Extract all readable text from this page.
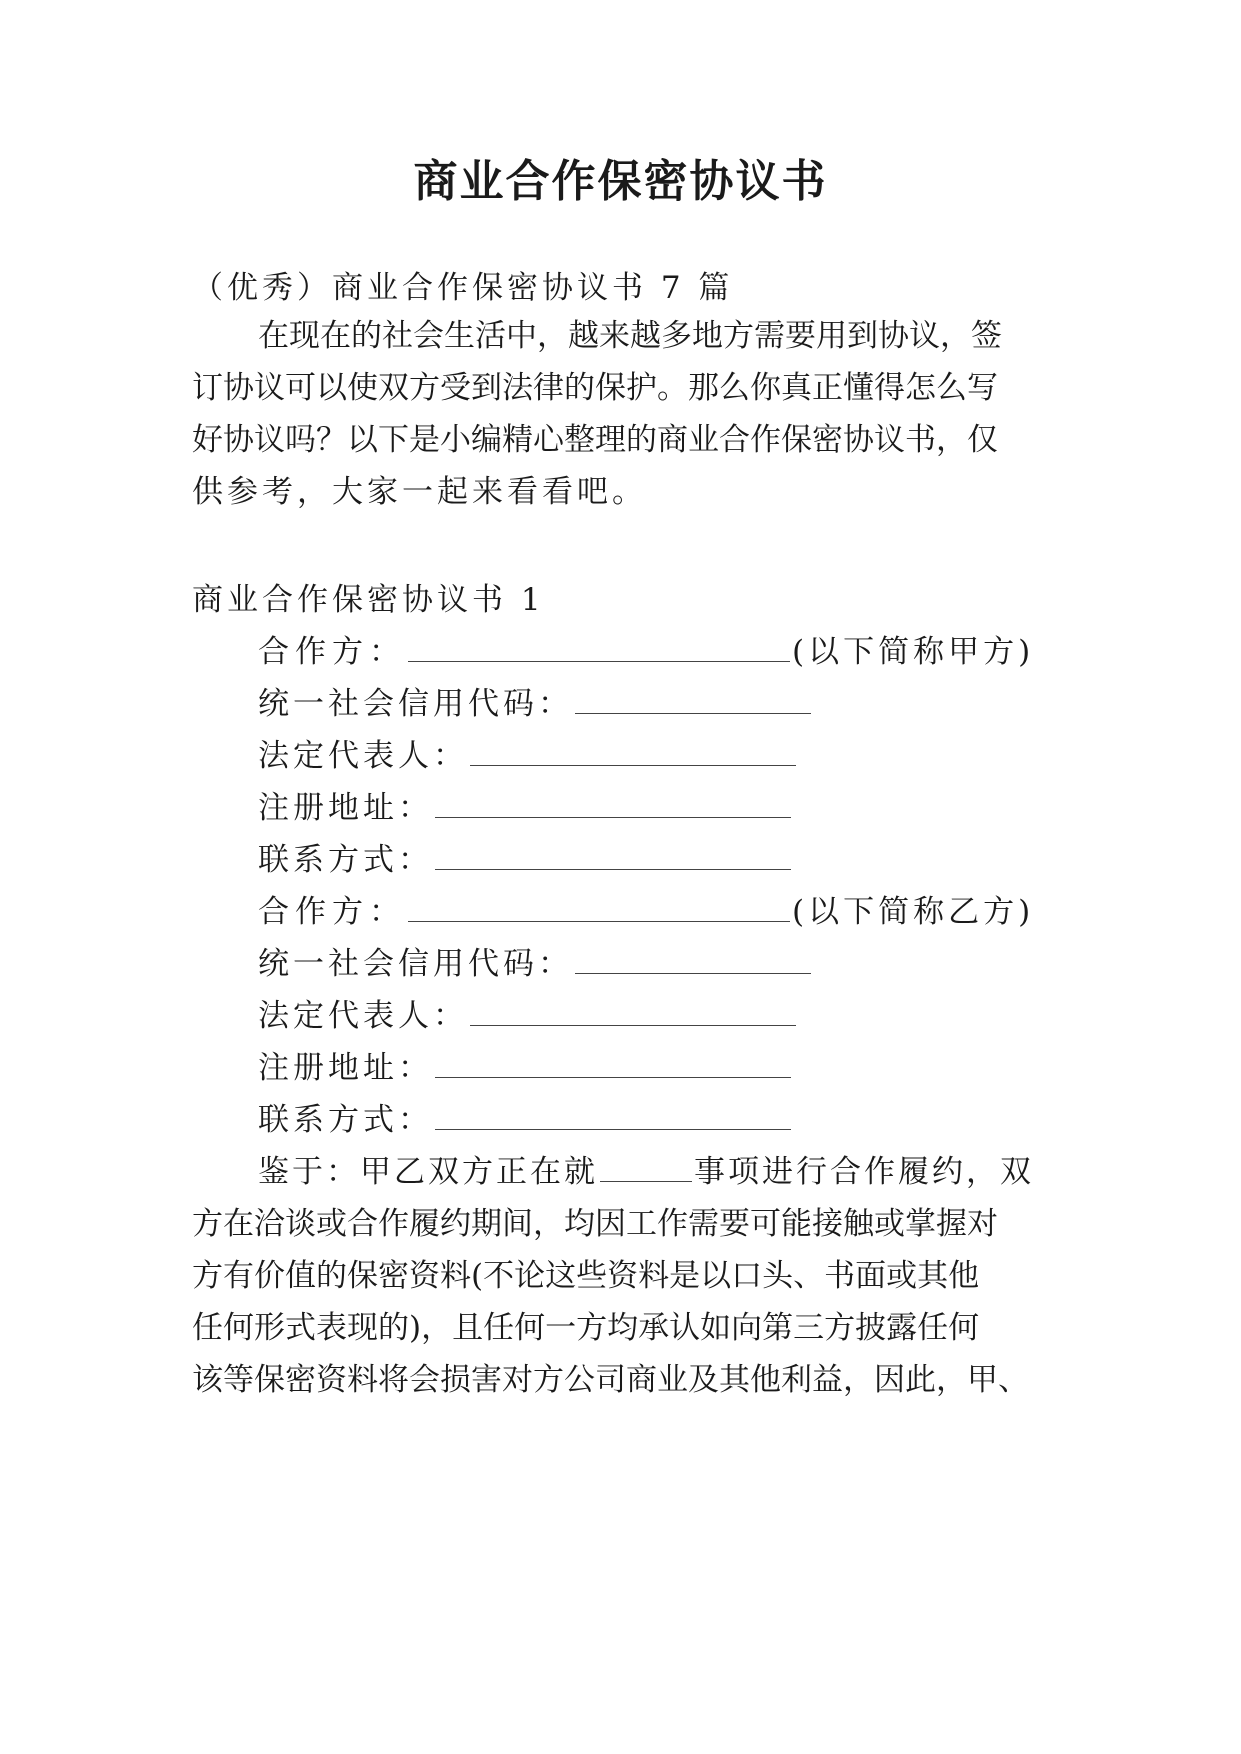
商业合作保密协议书
（优秀）商业合作保密协议书 7 篇
在现在的社会生活中，越来越多地方需要用到协议，签
订协议可以使双方受到法律的保护。那么你真正懂得怎么写
好协议吗？以下是小编精心整理的商业合作保密协议书，仅
供参考，大家一起来看看吧。
商业合作保密协议书 1
合作方：	(以下简称甲方)
统一社会信用代码：
法定代表人：
注册地址：
联系方式：
合作方：	(以下简称乙方)
统一社会信用代码：
法定代表人：
注册地址：
联系方式：
鉴于：甲乙双方正在就	事项进行合作履约，双
方在洽谈或合作履约期间，均因工作需要可能接触或掌握对
方有价值的保密资料(不论这些资料是以口头、书面或其他
任何形式表现的)，且任何一方均承认如向第三方披露任何
该等保密资料将会损害对方公司商业及其他利益，因此，甲、
